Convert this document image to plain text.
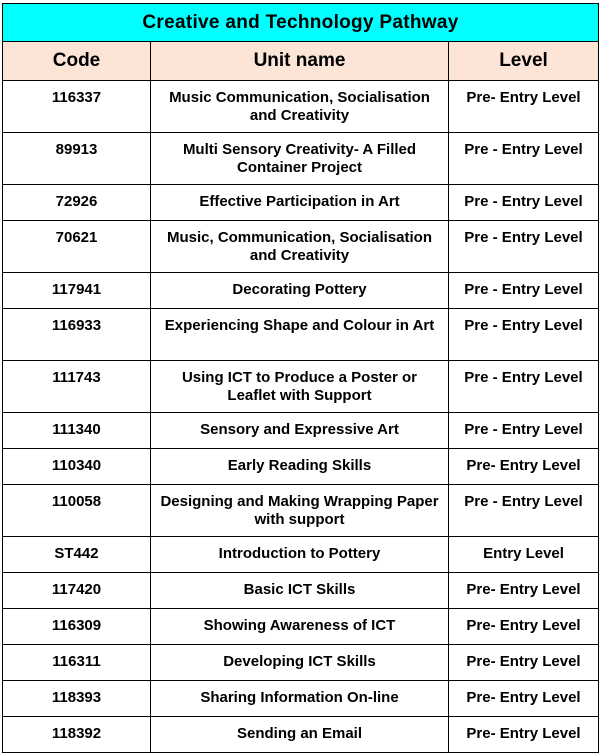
Creative and Technology Pathway		
Code	Unit name	Level
116337	Music Communication, Socialisation and Creativity	Pre- Entry Level
89913	Multi Sensory Creativity- A Filled Container Project	Pre - Entry Level
72926	Effective Participation in Art	Pre - Entry Level
70621	Music, Communication, Socialisation and Creativity	Pre - Entry Level
117941	Decorating Pottery	Pre - Entry Level
116933	Experiencing Shape and Colour in Art	Pre - Entry Level
111743	Using ICT to Produce a Poster or Leaflet with Support	Pre - Entry Level
111340	Sensory and Expressive Art	Pre - Entry Level
110340	Early Reading Skills	Pre- Entry Level
110058	Designing and Making Wrapping Paper with support	Pre - Entry Level
ST442	Introduction to Pottery	Entry Level
117420	Basic ICT Skills	Pre- Entry Level
116309	Showing Awareness of ICT	Pre- Entry Level
116311	Developing ICT Skills	Pre- Entry Level
118393	Sharing Information On-line	Pre- Entry Level
118392	Sending an Email	Pre- Entry Level
